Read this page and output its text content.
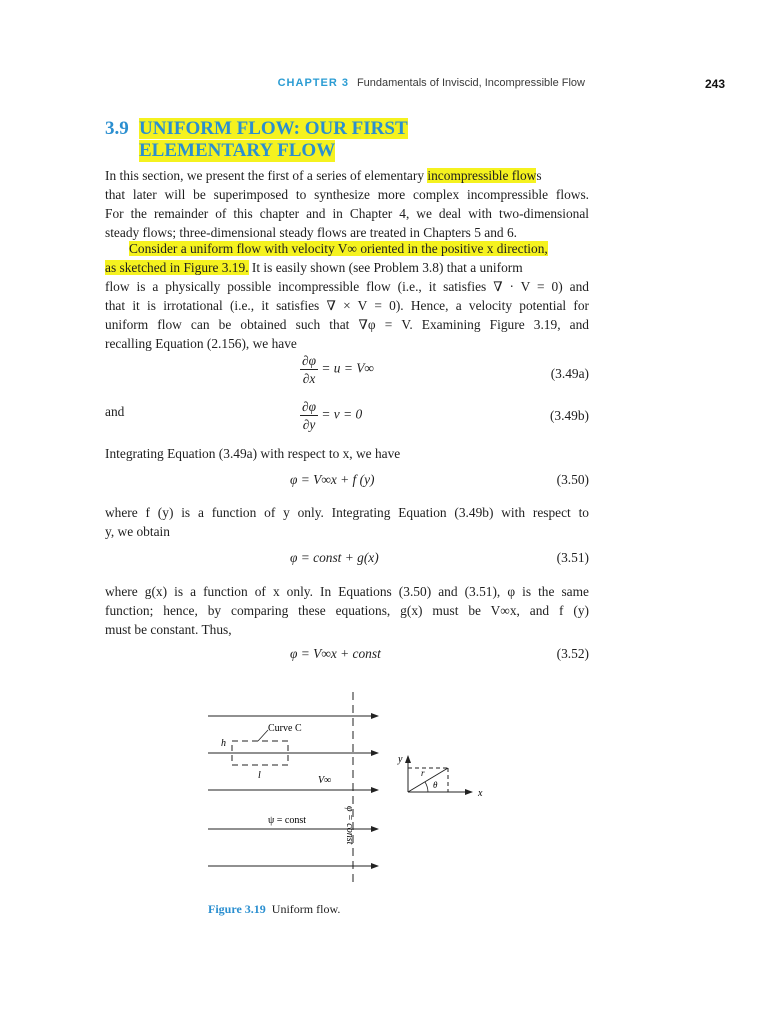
CHAPTER 3 Fundamentals of Inviscid, Incompressible Flow	243
3.9 UNIFORM FLOW: OUR FIRST
ELEMENTARY FLOW
In this section, we present the first of a series of elementary incompressible flows
that later will be superimposed to synthesize more complex incompressible flows.
For the remainder of this chapter and in Chapter 4, we deal with two-dimensional
steady flows; three-dimensional steady flows are treated in Chapters 5 and 6.
Consider a uniform flow with velocity V∞ oriented in the positive x direction,
as sketched in Figure 3.19. It is easily shown (see Problem 3.8) that a uniform
flow is a physically possible incompressible flow (i.e., it satisfies ∇ · V = 0) and
that it is irrotational (i.e., it satisfies ∇ × V = 0). Hence, a velocity potential for
uniform flow can be obtained such that ∇φ = V. Examining Figure 3.19, and
recalling Equation (2.156), we have
$\frac{\partial\varphi}{\partial x} = u = V\infty$	(3.49a)
and	$\frac{\partial\varphi}{\partial y} = v = 0$	(3.49b)
Integrating Equation (3.49a) with respect to x, we have
φ = V∞x + f (y)	(3.50)
where f (y) is a function of y only. Integrating Equation (3.49b) with respect to
y, we obtain
φ = const + g(x)	(3.51)
where g(x) is a function of x only. In Equations (3.50) and (3.51), φ is the same
function; hence, by comparing these equations, g(x) must be V∞x, and f (y)
must be constant. Thus,
φ = V∞x + const	(3.52)
Curve C
h
l	V∞
φ = const
ψ = const
y
x
r
θ
Figure 3.19 Uniform flow.
